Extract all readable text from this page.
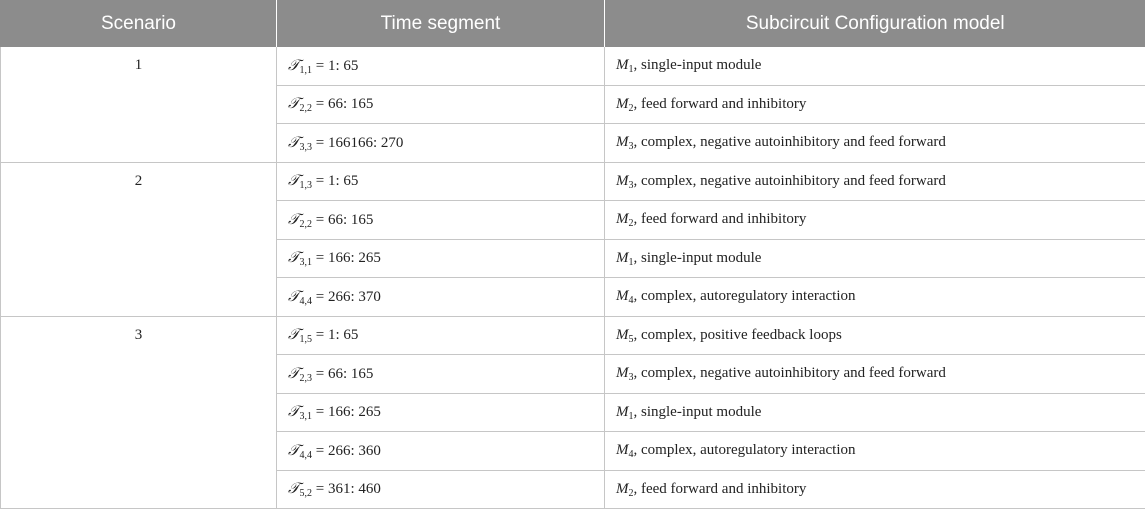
Scenario	Time segment	Subcircuit Configuration model
1	𝒯$_{1,1}$ = 1: 65	$M_1$, single-input module
	𝒯$_{2,2}$ = 66: 165	$M_2$, feed forward and inhibitory
	𝒯$_{3,3}$ = 166166: 270	$M_3$, complex, negative autoinhibitory and feed forward
2	𝒯$_{1,3}$ = 1: 65	$M_3$, complex, negative autoinhibitory and feed forward
	𝒯$_{2,2}$ = 66: 165	$M_2$, feed forward and inhibitory
	𝒯$_{3,1}$ = 166: 265	$M_1$, single-input module
	𝒯$_{4,4}$ = 266: 370	$M_4$, complex, autoregulatory interaction
3	𝒯$_{1,5}$ = 1: 65	$M_5$, complex, positive feedback loops
	𝒯$_{2,3}$ = 66: 165	$M_3$, complex, negative autoinhibitory and feed forward
	𝒯$_{3,1}$ = 166: 265	$M_1$, single-input module
	𝒯$_{4,4}$ = 266: 360	$M_4$, complex, autoregulatory interaction
	𝒯$_{5,2}$ = 361: 460	$M_2$, feed forward and inhibitory
